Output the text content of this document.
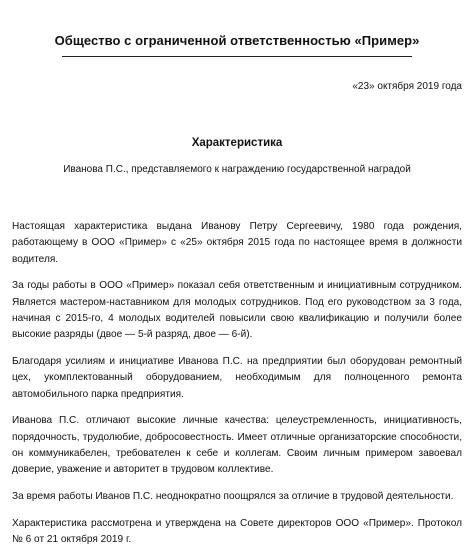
Общество с ограниченной ответственностью «Пример»
«23» октября 2019 года
Характеристика
Иванова П.С., представляемого к награждению государственной наградой

Настоящая характеристика выдана Иванову Петру Сергеевичу, 1980 года рождения, работающему в ООО «Пример» с «25» октября 2015 года по настоящее время в должности водителя.

За годы работы в ООО «Пример» показал себя ответственным и инициативным сотрудником. Является мастером-наставником для молодых сотрудников. Под его руководством за 3 года, начиная с 2015-го, 4 молодых водителей повысили свою квалификацию и получили более высокие разряды (двое — 5-й разряд, двое — 6-й).

Благодаря усилиям и инициативе Иванова П.С. на предприятии был оборудован ремонтный цех, укомплектованный оборудованием, необходимым для полноценного ремонта автомобильного парка предприятия.

Иванова П.С. отличают высокие личные качества: целеустремленность, инициативность, порядочность, трудолюбие, добросовестность. Имеет отличные организаторские способности, он коммуникабелен, требователен к себе и коллегам. Своим личным примером завоевал доверие, уважение и авторитет в трудовом коллективе.

За время работы Иванов П.С. неоднократно поощрялся за отличие в трудовой деятельности.

Характеристика рассмотрена и утверждена на Совете директоров ООО «Пример». Протокол № 6 от 21 октября 2019 г.
